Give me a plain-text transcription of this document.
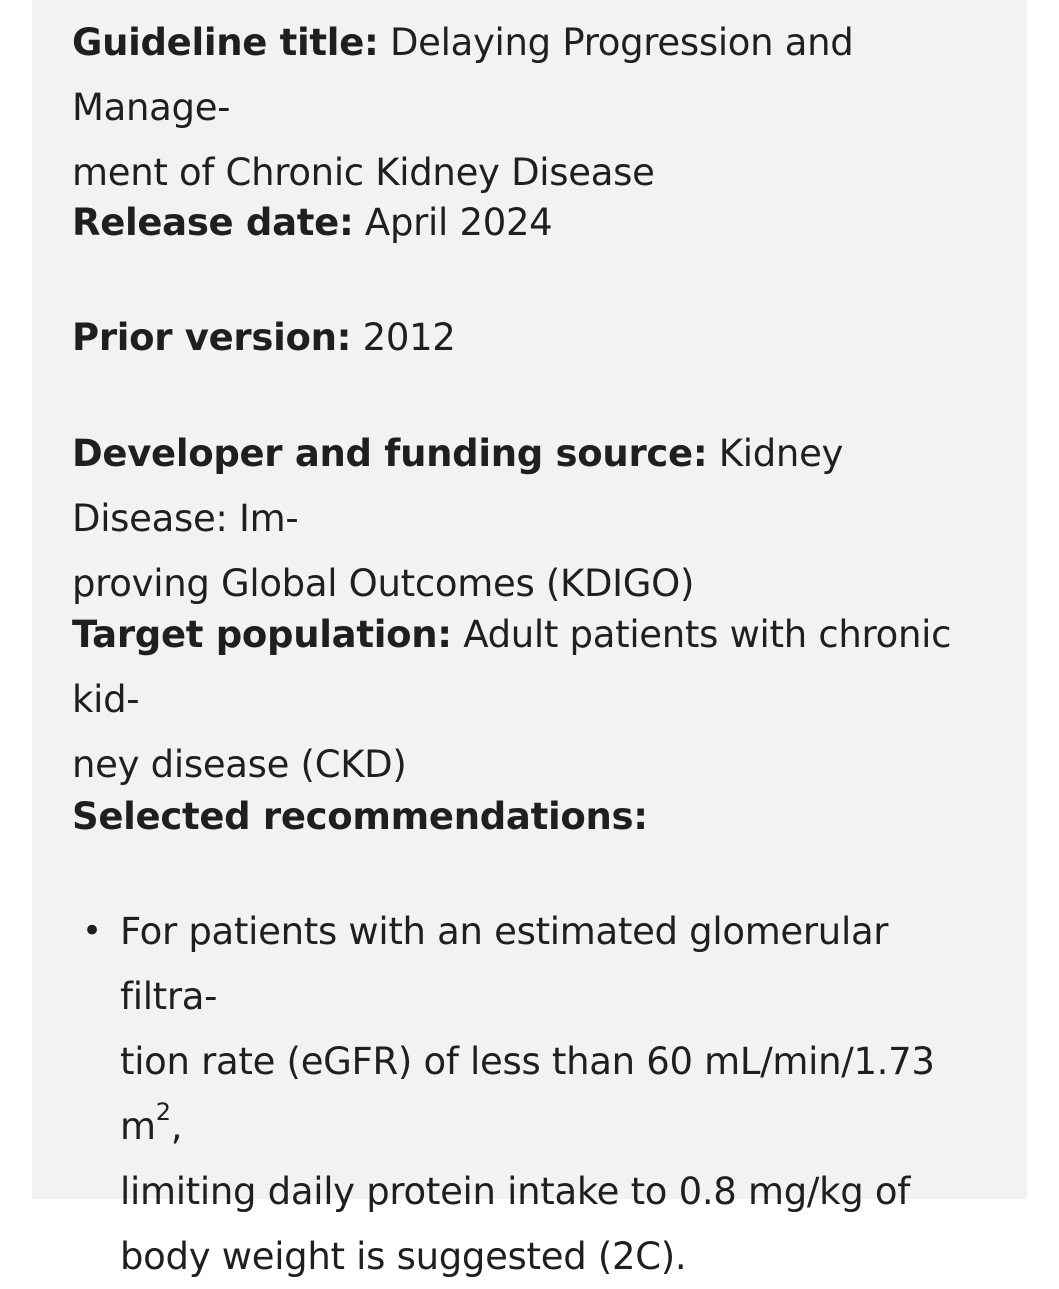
Guideline title: Delaying Progression and Manage-
ment of Chronic Kidney Disease
Release date: April 2024
Prior version: 2012
Developer and funding source: Kidney Disease: Im-
proving Global Outcomes (KDIGO)
Target population: Adult patients with chronic kid-
ney disease (CKD)
Selected recommendations:
• For patients with an estimated glomerular filtra-
tion rate (eGFR) of less than 60 mL/min/1.73 $m^2$,
limiting daily protein intake to 0.8 mg/kg of
body weight is suggested (2C).
